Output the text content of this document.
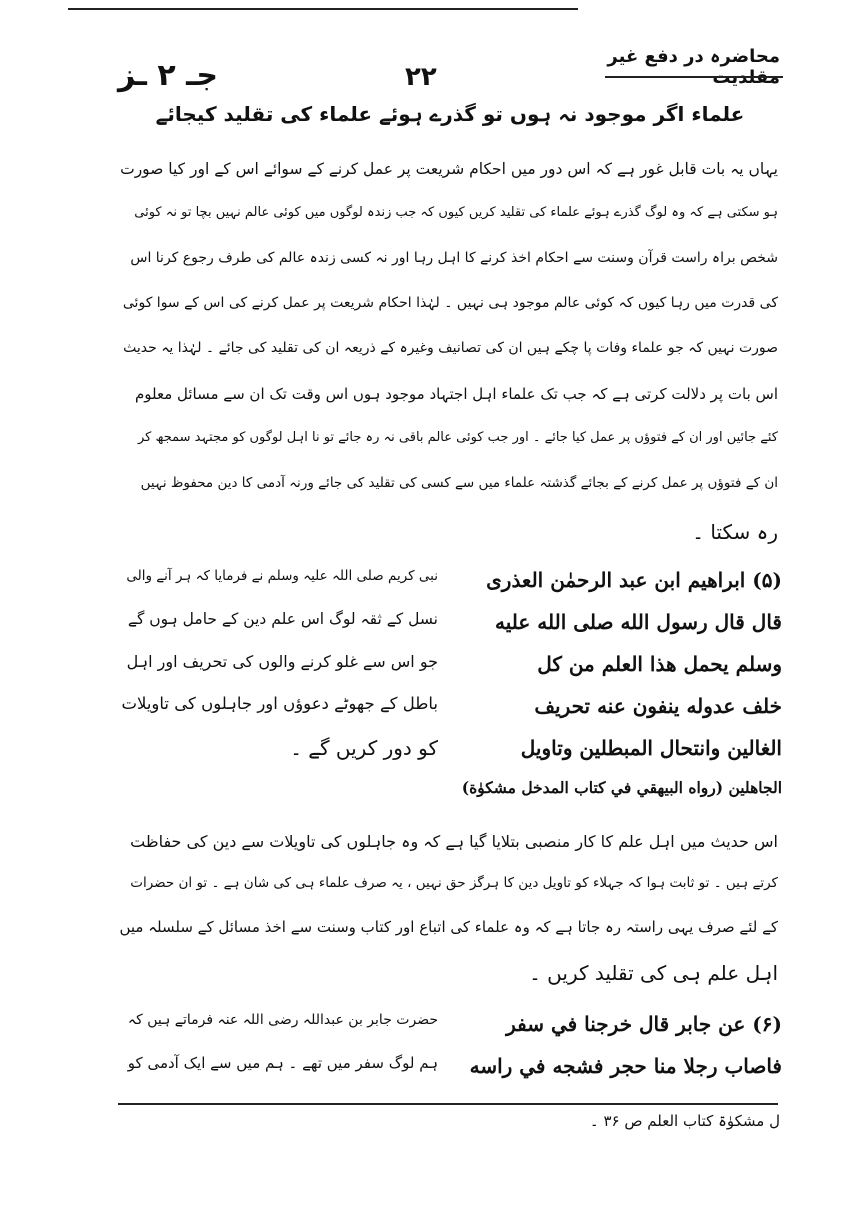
جـ ۲ ـز	۲۲
محاضرہ در دفع غیر مقلدیت
علماء اگر موجود نہ ہوں تو گذرے ہوئے علماء کی تقلید کیجائے
یہاں یہ بات قابل غور ہے کہ اس دور میں احکام شریعت پر عمل کرنے کے سوائے اس کے اور کیا صورت
ہو سکتی ہے کہ وہ لوگ گذرے ہوئے علماء کی تقلید کریں کیوں کہ جب زندہ لوگوں میں کوئی عالم نہیں بچا تو نہ کوئی
شخص براہ راست قرآن وسنت سے احکام اخذ کرنے کا اہل رہا اور نہ کسی زندہ عالم کی طرف رجوع کرنا اس
کی قدرت میں رہا کیوں کہ کوئی عالم موجود ہی نہیں ۔ لہٰذا احکام شریعت پر عمل کرنے کی اس کے سوا کوئی
صورت نہیں کہ جو علماء وفات پا چکے ہیں ان کی تصانیف وغیرہ کے ذریعہ ان کی تقلید کی جائے ۔ لہٰذا یہ حدیث
اس بات پر دلالت کرتی ہے کہ جب تک علماء اہل اجتہاد موجود ہوں اس وقت تک ان سے مسائل معلوم
کئے جائیں اور ان کے فتوؤں پر عمل کیا جائے ۔ اور جب کوئی عالم باقی نہ رہ جائے تو نا اہل لوگوں کو مجتہد سمجھ کر
ان کے فتوؤں پر عمل کرنے کے بجائے گذشتہ علماء میں سے کسی کی تقلید کی جائے ورنہ آدمی کا دین محفوظ نہیں
رہ سکتا ۔
(۵) ابراهيم ابن عبد الرحمٰن العذرى
قال قال رسول الله صلى الله عليه
وسلم يحمل هذا العلم من كل
خلف عدوله ينفون عنه تحريف
الغالين وانتحال المبطلين وتاويل
الجاهلين (رواه البيهقي في كتاب المدخل مشكوٰة)
نبی کریم صلی اللہ علیہ وسلم نے فرمایا کہ ہر آنے والی
نسل کے ثقہ لوگ اس علم دین کے حامل ہوں گے
جو اس سے غلو کرنے والوں کی تحریف اور اہل
باطل کے جھوٹے دعوؤں اور جاہلوں کی تاویلات
کو دور کریں گے ۔
اس حدیث میں اہل علم کا کار منصبی بتلایا گیا ہے کہ وہ جاہلوں کی تاویلات سے دین کی حفاظت
کرتے ہیں ۔ تو ثابت ہوا کہ جہلاء کو تاویل دین کا ہرگز حق نہیں ، یہ صرف علماء ہی کی شان ہے ۔ تو ان حضرات
کے لئے صرف یہی راستہ رہ جاتا ہے کہ وہ علماء کی اتباع اور کتاب وسنت سے اخذ مسائل کے سلسلہ میں
اہل علم ہی کی تقلید کریں ۔
(۶) عن جابر قال خرجنا في سفر
فاصاب رجلا منا حجر فشجه في راسه
حضرت جابر بن عبداللہ رضی اللہ عنہ فرماتے ہیں کہ
ہم لوگ سفر میں تھے ۔ ہم میں سے ایک آدمی کو
ل مشکوٰۃ کتاب العلم ص ۳۶ ۔
